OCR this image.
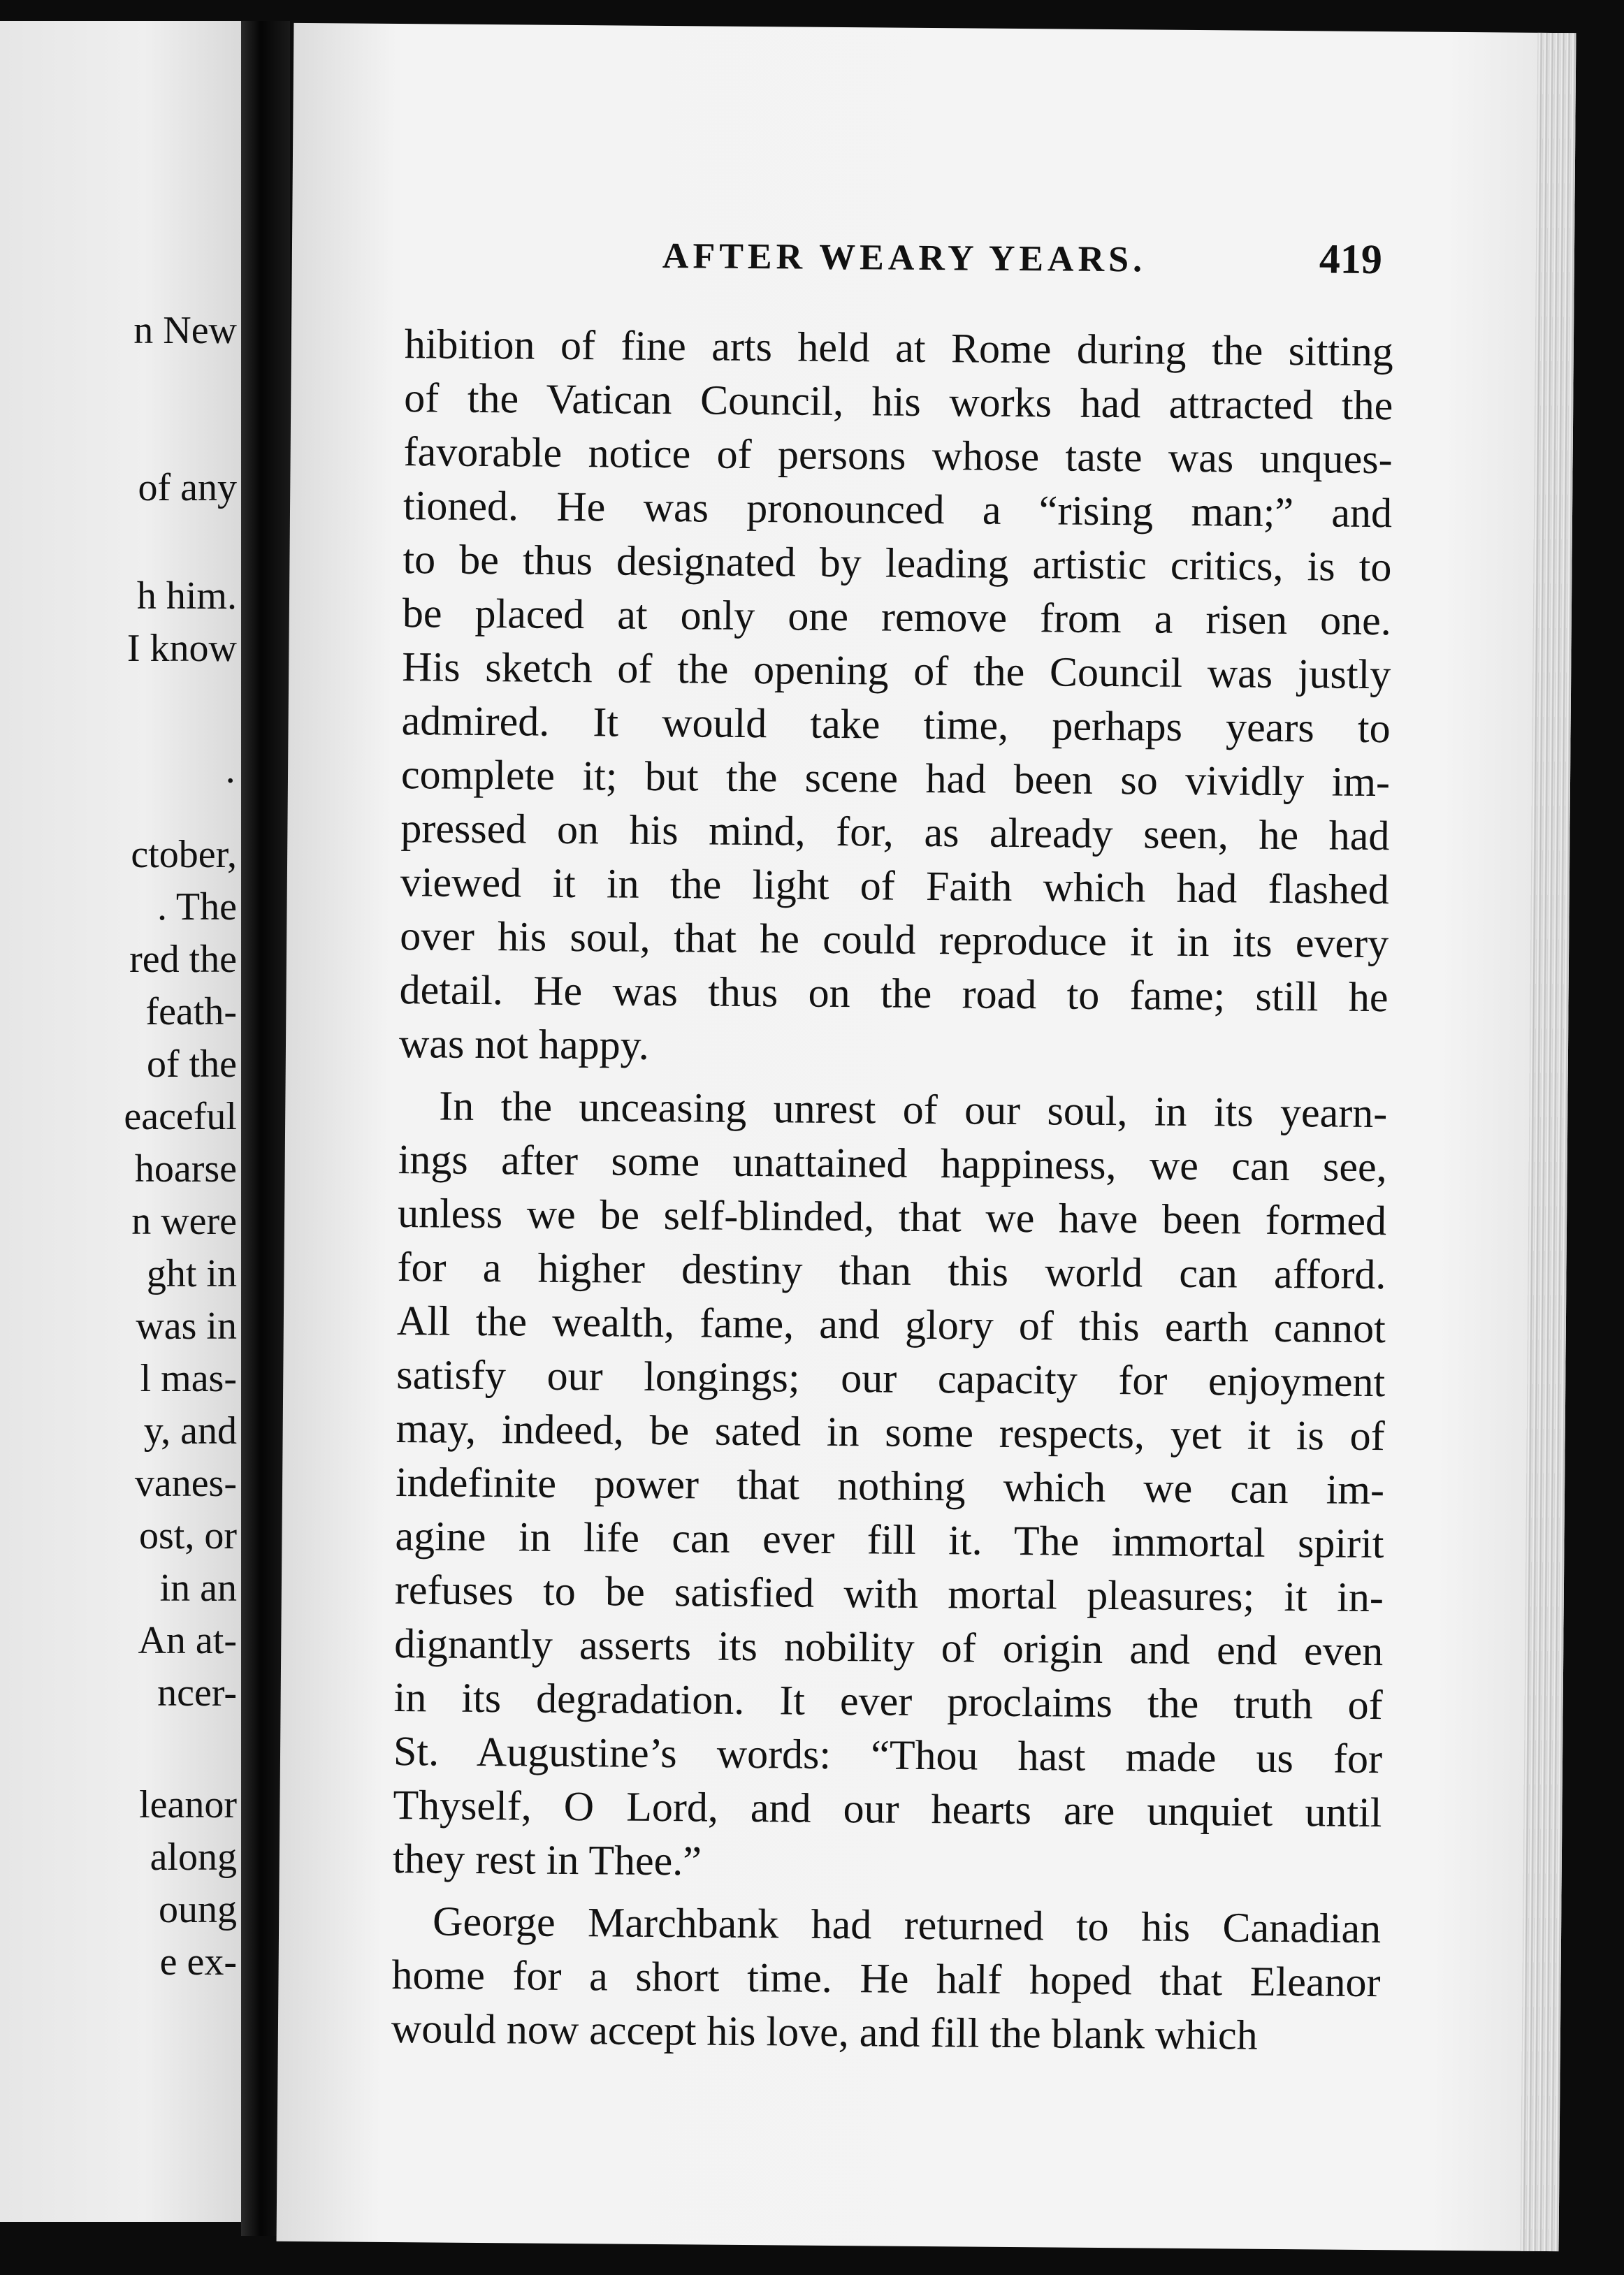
n New
of any
h him.
I know
·
ctober,
. The
red the
feath-
of the
eaceful
hoarse
n were
ght in
was in
l mas-
y, and
vanes-
ost, or
in an
An at-
ncer-
leanor
along
oung
e ex-
AFTER WEARY YEARS.	419
hibition of fine arts held at Rome during the sitting
of the Vatican Council, his works had attracted the
favorable notice of persons whose taste was unques-
tioned. He was pronounced a “rising man;” and
to be thus designated by leading artistic critics, is to
be placed at only one remove from a risen one.
His sketch of the opening of the Council was justly
admired. It would take time, perhaps years to
complete it; but the scene had been so vividly im-
pressed on his mind, for, as already seen, he had
viewed it in the light of Faith which had flashed
over his soul, that he could reproduce it in its every
detail. He was thus on the road to fame; still he
was not happy.
In the unceasing unrest of our soul, in its yearn-
ings after some unattained happiness, we can see,
unless we be self-blinded, that we have been formed
for a higher destiny than this world can afford.
All the wealth, fame, and glory of this earth cannot
satisfy our longings; our capacity for enjoyment
may, indeed, be sated in some respects, yet it is of
indefinite power that nothing which we can im-
agine in life can ever fill it. The immortal spirit
refuses to be satisfied with mortal pleasures; it in-
dignantly asserts its nobility of origin and end even
in its degradation. It ever proclaims the truth of
St. Augustine’s words: “Thou hast made us for
Thyself, O Lord, and our hearts are unquiet until
they rest in Thee.”
George Marchbank had returned to his Canadian
home for a short time. He half hoped that Eleanor
would now accept his love, and fill the blank which
